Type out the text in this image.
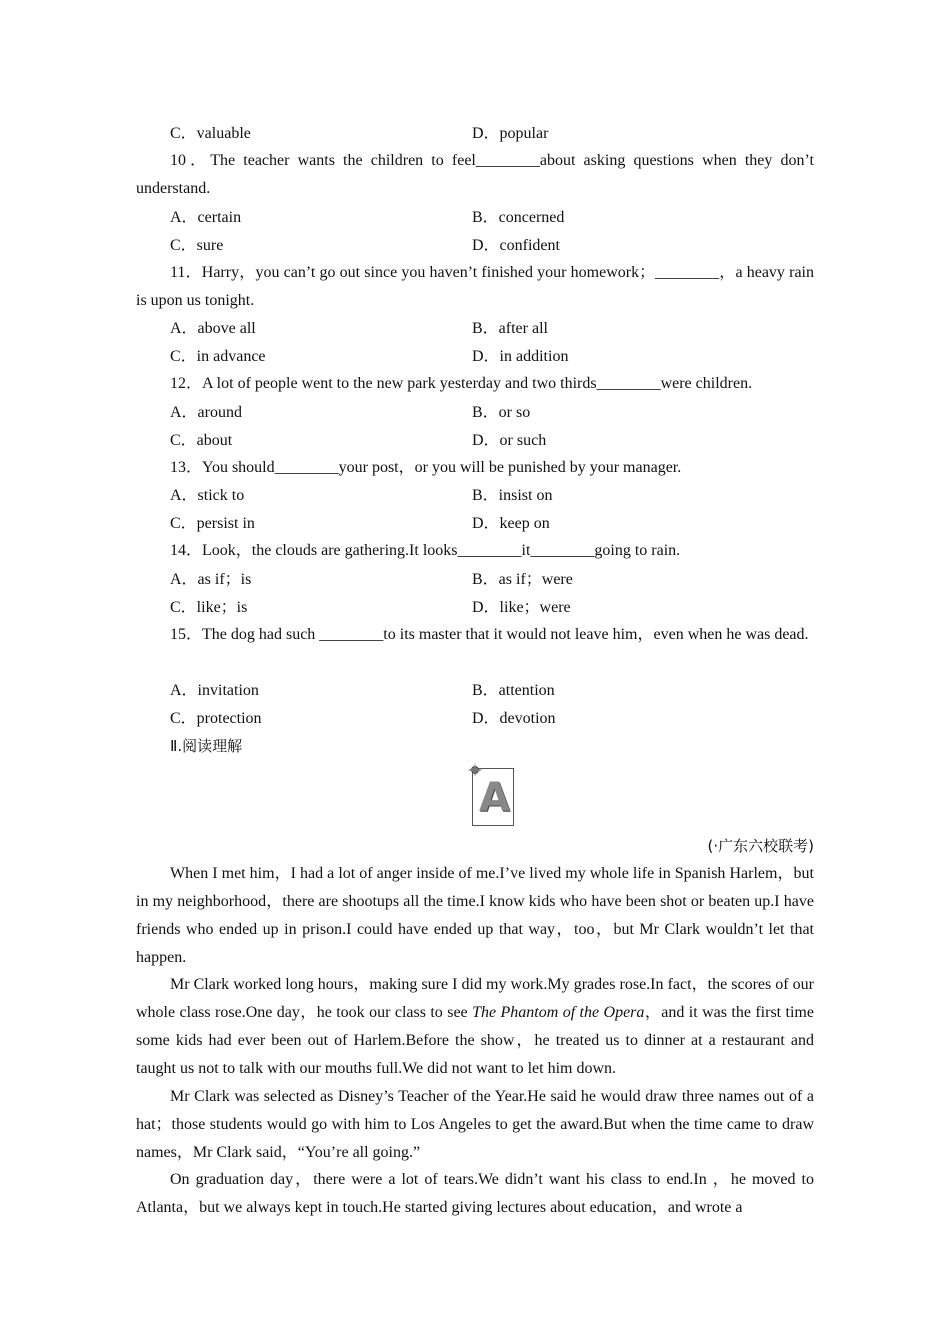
C．valuable	D．popular

10．The teacher wants the children to feel________about asking questions when they don’t understand.

A．certain	B．concerned
C．sure	D．confident

11．Harry，you can’t go out since you haven’t finished your homework；________，a heavy rain is upon us tonight.

A．above all	B．after all
C．in advance	D．in addition

12．A lot of people went to the new park yesterday and two thirds________were children.

A．around	B．or so
C．about	D．or such

13．You should________your post，or you will be punished by your manager.

A．stick to	B．insist on
C．persist in	D．keep on

14．Look，the clouds are gathering.It looks________it________going to rain.

A．as if；is	B．as if；were
C．like；is	D．like；were

15．The dog had such ________to its master that it would not leave him，even when he was dead.

A．invitation	B．attention
C．protection	D．devotion
Ⅱ.阅读理解
A
(·广东六校联考)

When I met him，I had a lot of anger inside of me.I’ve lived my whole life in Spanish Harlem，but in my neighborhood，there are shootups all the time.I know kids who have been shot or beaten up.I have friends who ended up in prison.I could have ended up that way，too，but Mr Clark wouldn’t let that happen.

Mr Clark worked long hours，making sure I did my work.My grades rose.In fact，the scores of our whole class rose.One day，he took our class to see The Phantom of the Opera，and it was the first time some kids had ever been out of Harlem.Before the show，he treated us to dinner at a restaurant and taught us not to talk with our mouths full.We did not want to let him down.

Mr Clark was selected as Disney’s Teacher of the Year.He said he would draw three names out of a hat；those students would go with him to Los Angeles to get the award.But when the time came to draw names，Mr Clark said，“You’re all going.”

On graduation day，there were a lot of tears.We didn’t want his class to end.In ，he moved to Atlanta，but we always kept in touch.He started giving lectures about education，and wrote a
